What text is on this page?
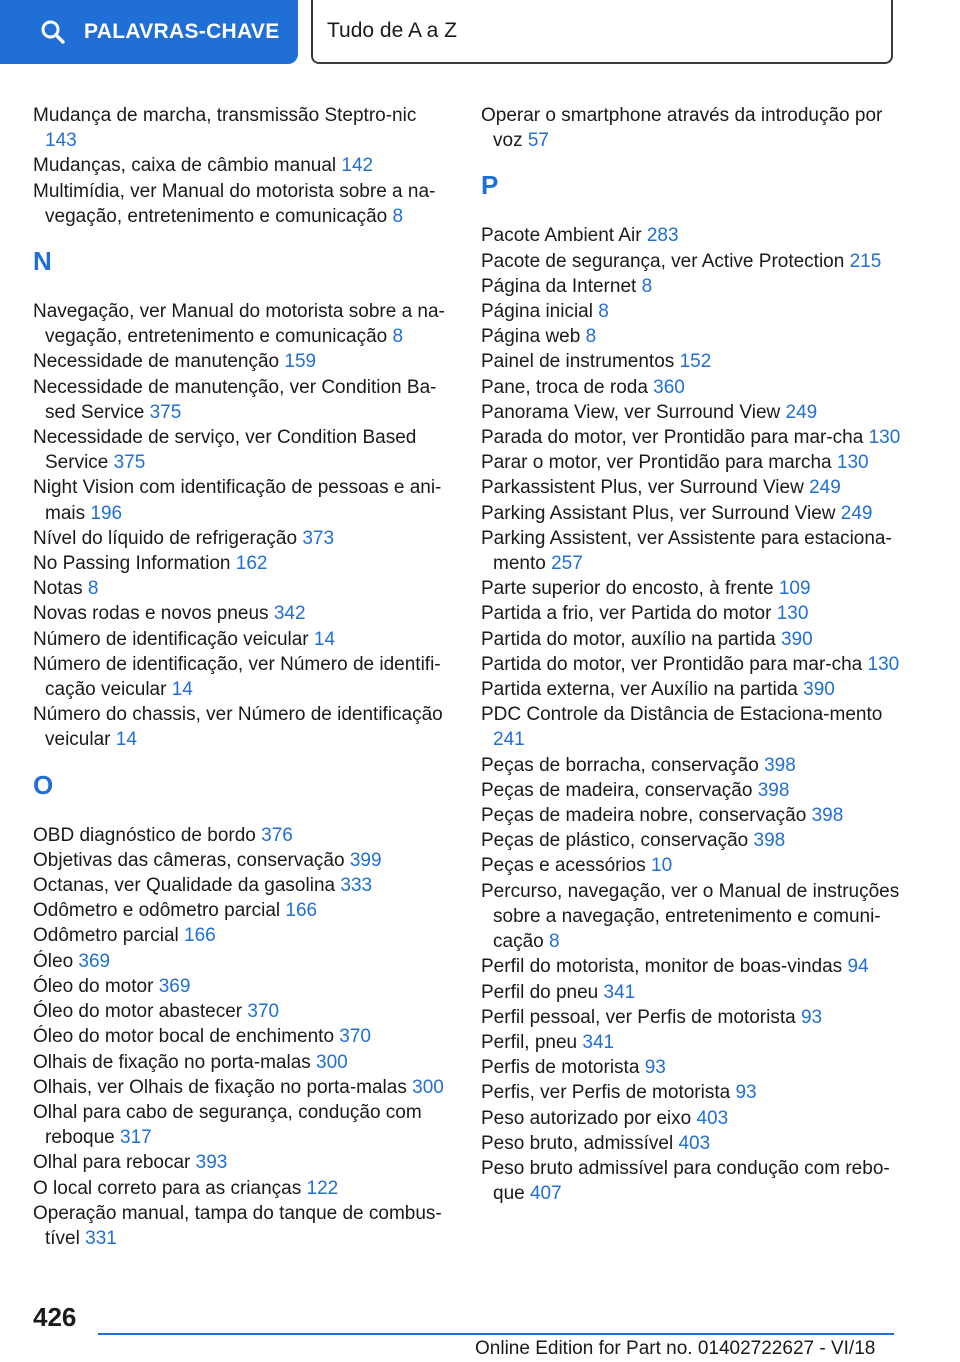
PALAVRAS-CHAVE Tudo de A a Z
Mudança de marcha, transmissão Steptro-nic 143
Mudanças, caixa de câmbio manual 142
Multimídia, ver Manual do motorista sobre a na-vegação, entretenimento e comunicação 8
N
Navegação, ver Manual do motorista sobre a na-vegação, entretenimento e comunicação 8
Necessidade de manutenção 159
Necessidade de manutenção, ver Condition Ba-sed Service 375
Necessidade de serviço, ver Condition Based Service 375
Night Vision com identificação de pessoas e ani-mais 196
Nível do líquido de refrigeração 373
No Passing Information 162
Notas 8
Novas rodas e novos pneus 342
Número de identificação veicular 14
Número de identificação, ver Número de identifi-cação veicular 14
Número do chassis, ver Número de identificação veicular 14
O
OBD diagnóstico de bordo 376
Objetivas das câmeras, conservação 399
Octanas, ver Qualidade da gasolina 333
Odômetro e odômetro parcial 166
Odômetro parcial 166
Óleo 369
Óleo do motor 369
Óleo do motor abastecer 370
Óleo do motor bocal de enchimento 370
Olhais de fixação no porta-malas 300
Olhais, ver Olhais de fixação no porta-malas 300
Olhal para cabo de segurança, condução com reboque 317
Olhal para rebocar 393
O local correto para as crianças 122
Operação manual, tampa do tanque de combus-tível 331
Operar o smartphone através da introdução por voz 57
P
Pacote Ambient Air 283
Pacote de segurança, ver Active Protection 215
Página da Internet 8
Página inicial 8
Página web 8
Painel de instrumentos 152
Pane, troca de roda 360
Panorama View, ver Surround View 249
Parada do motor, ver Prontidão para mar-cha 130
Parar o motor, ver Prontidão para marcha 130
Parkassistent Plus, ver Surround View 249
Parking Assistant Plus, ver Surround View 249
Parking Assistent, ver Assistente para estaciona-mento 257
Parte superior do encosto, à frente 109
Partida a frio, ver Partida do motor 130
Partida do motor, auxílio na partida 390
Partida do motor, ver Prontidão para mar-cha 130
Partida externa, ver Auxílio na partida 390
PDC Controle da Distância de Estaciona-mento 241
Peças de borracha, conservação 398
Peças de madeira, conservação 398
Peças de madeira nobre, conservação 398
Peças de plástico, conservação 398
Peças e acessórios 10
Percurso, navegação, ver o Manual de instruções sobre a navegação, entretenimento e comuni-cação 8
Perfil do motorista, monitor de boas-vindas 94
Perfil do pneu 341
Perfil pessoal, ver Perfis de motorista 93
Perfil, pneu 341
Perfis de motorista 93
Perfis, ver Perfis de motorista 93
Peso autorizado por eixo 403
Peso bruto, admissível 403
Peso bruto admissível para condução com rebo-que 407
426
Online Edition for Part no. 01402722627 - VI/18
